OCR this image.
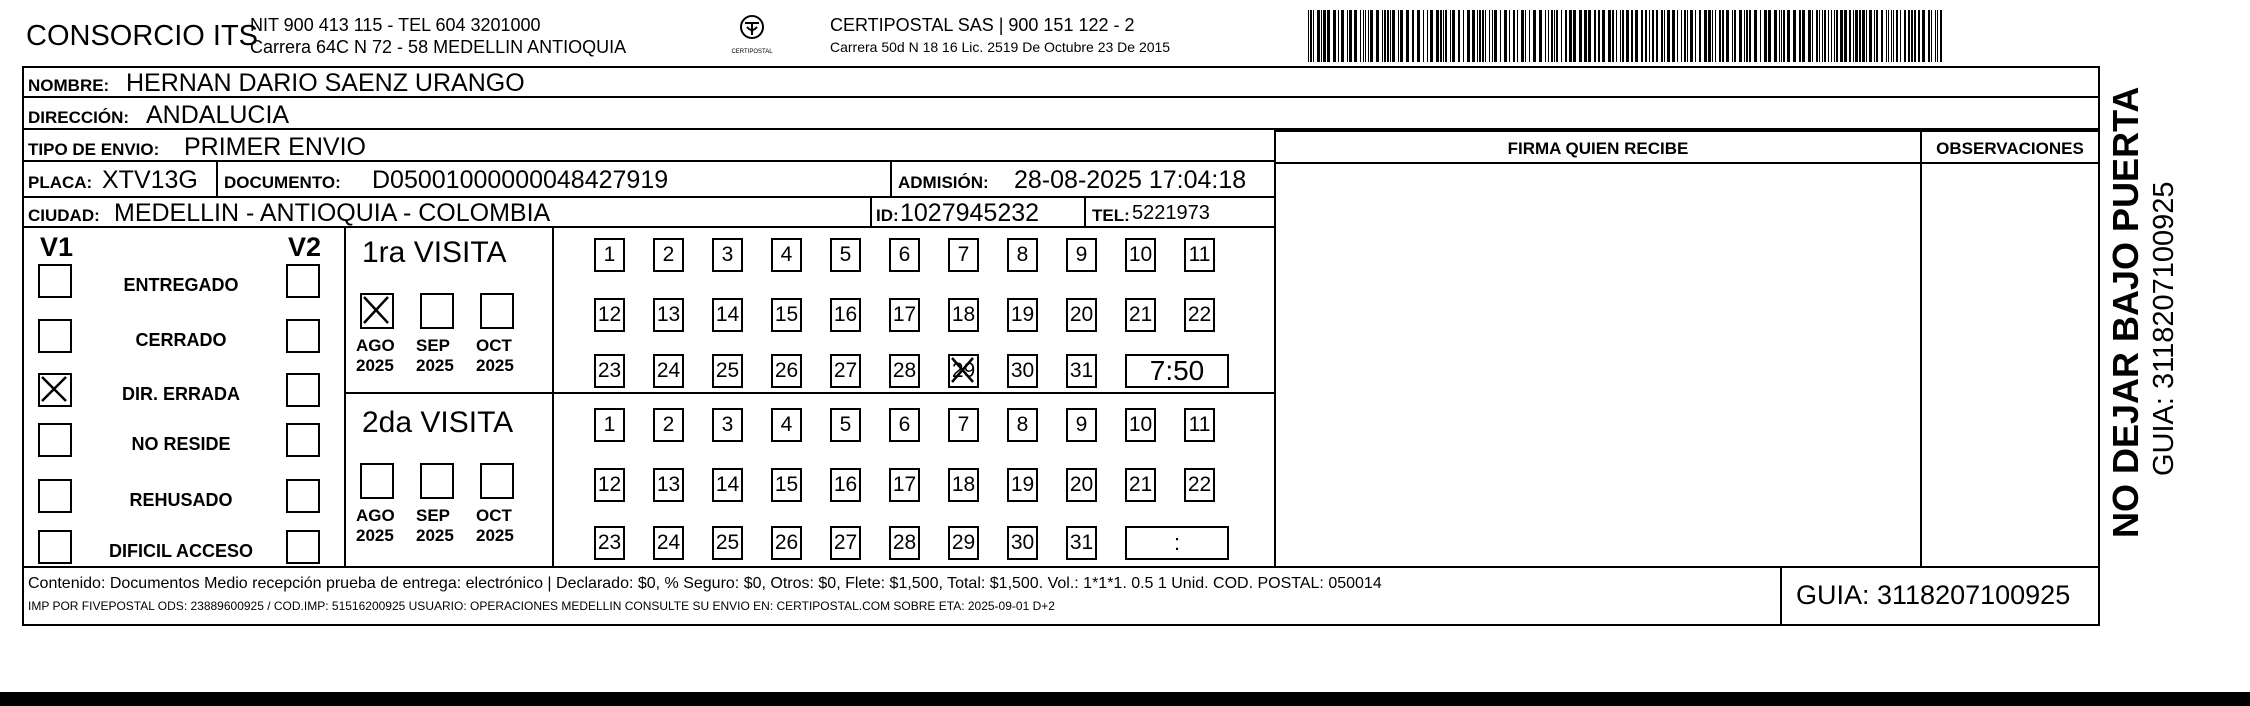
CONSORCIO ITS
NIT 900 413 115 - TEL 604 3201000
Carrera 64C N 72 - 58 MEDELLIN ANTIOQUIA	CERTIPOSTAL
CERTIPOSTAL SAS | 900 151 122 - 2
Carrera 50d N 18 16 Lic. 2519 De Octubre 23 De 2015
NOMBRE: HERNAN DARIO SAENZ URANGO
DIRECCIÓN: ANDALUCIA
FIRMA QUIEN RECIBE	OBSERVACIONES
TIPO DE ENVIO: PRIMER ENVIO
PLACA: XTV13G DOCUMENTO: D05001000000048427919	ADMISIÓN: 28-08-2025 17:04:18
CIUDAD: MEDELLIN - ANTIOQUIA - COLOMBIA	ID: 1027945232	TEL: 5221973
V1	V2
ENTREGADO
CERRADO
DIR. ERRADA
NO RESIDE
REHUSADO
DIFICIL ACCESO
1ra VISITA
AGO
2025
SEP
2025
OCT
2025
1	2	3	4	5	6	7	8	9	10 11
12 13 14 15 16 17 18 19 20 21 22
23 24 25 26 27 28 29 30 31	7:50
2da VISITA
AGO
2025
SEP
2025
OCT
2025
1	2	3	4	5	6	7	8	9	10 11
12 13 14 15 16 17 18 19 20 21 22
23 24 25 26 27 28 29 30 31	:
Contenido: Documentos Medio recepción prueba de entrega: electrónico | Declarado: $0, % Seguro: $0, Otros: $0, Flete: $1,500, Total: $1,500. Vol.: 1*1*1. 0.5 1 Unid. COD. POSTAL: 050014
IMP POR FIVEPOSTAL ODS: 23889600925 / COD.IMP: 51516200925 USUARIO: OPERACIONES MEDELLIN CONSULTE SU ENVIO EN: CERTIPOSTAL.COM SOBRE ETA: 2025-09-01 D+2	GUIA: 3118207100925
NO DEJAR BAJO PUERTA GUIA: 3118207100925
